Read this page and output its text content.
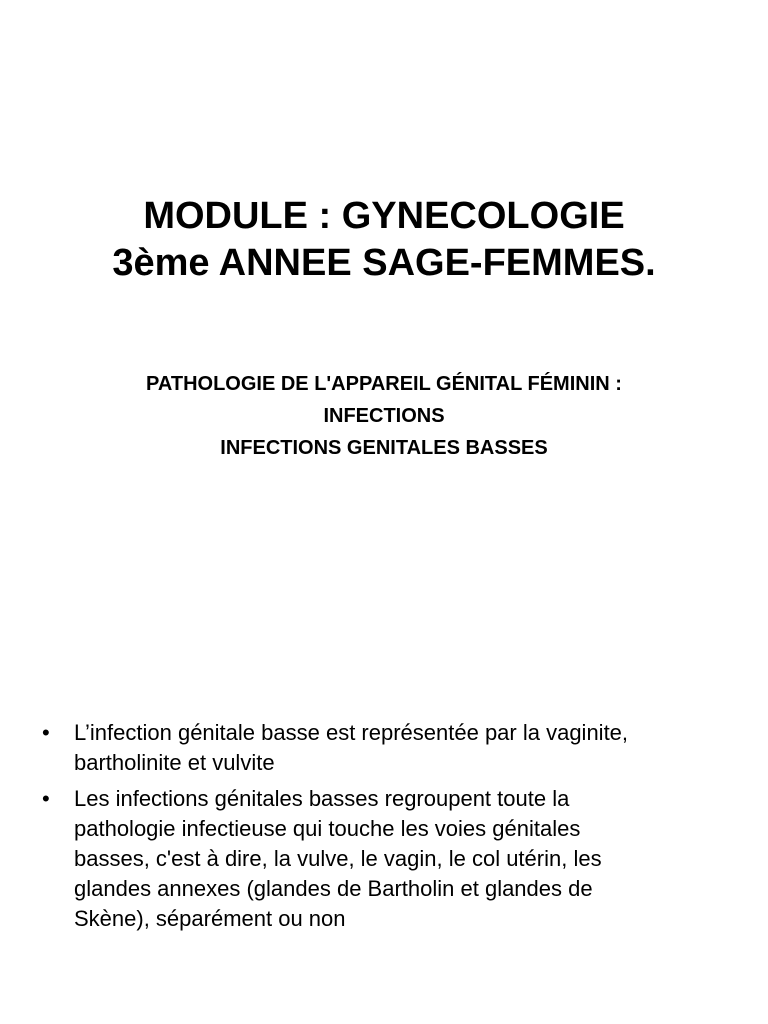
MODULE : GYNECOLOGIE
3ème ANNEE SAGE-FEMMES.
PATHOLOGIE DE L'APPAREIL GÉNITAL FÉMININ :
INFECTIONS
INFECTIONS GENITALES BASSES
• L’infection génitale basse est représentée par la vaginite,
bartholinite et vulvite
• Les infections génitales basses regroupent toute la
pathologie infectieuse qui touche les voies génitales
basses, c'est à dire, la vulve, le vagin, le col utérin, les
glandes annexes (glandes de Bartholin et glandes de
Skène), séparément ou non
